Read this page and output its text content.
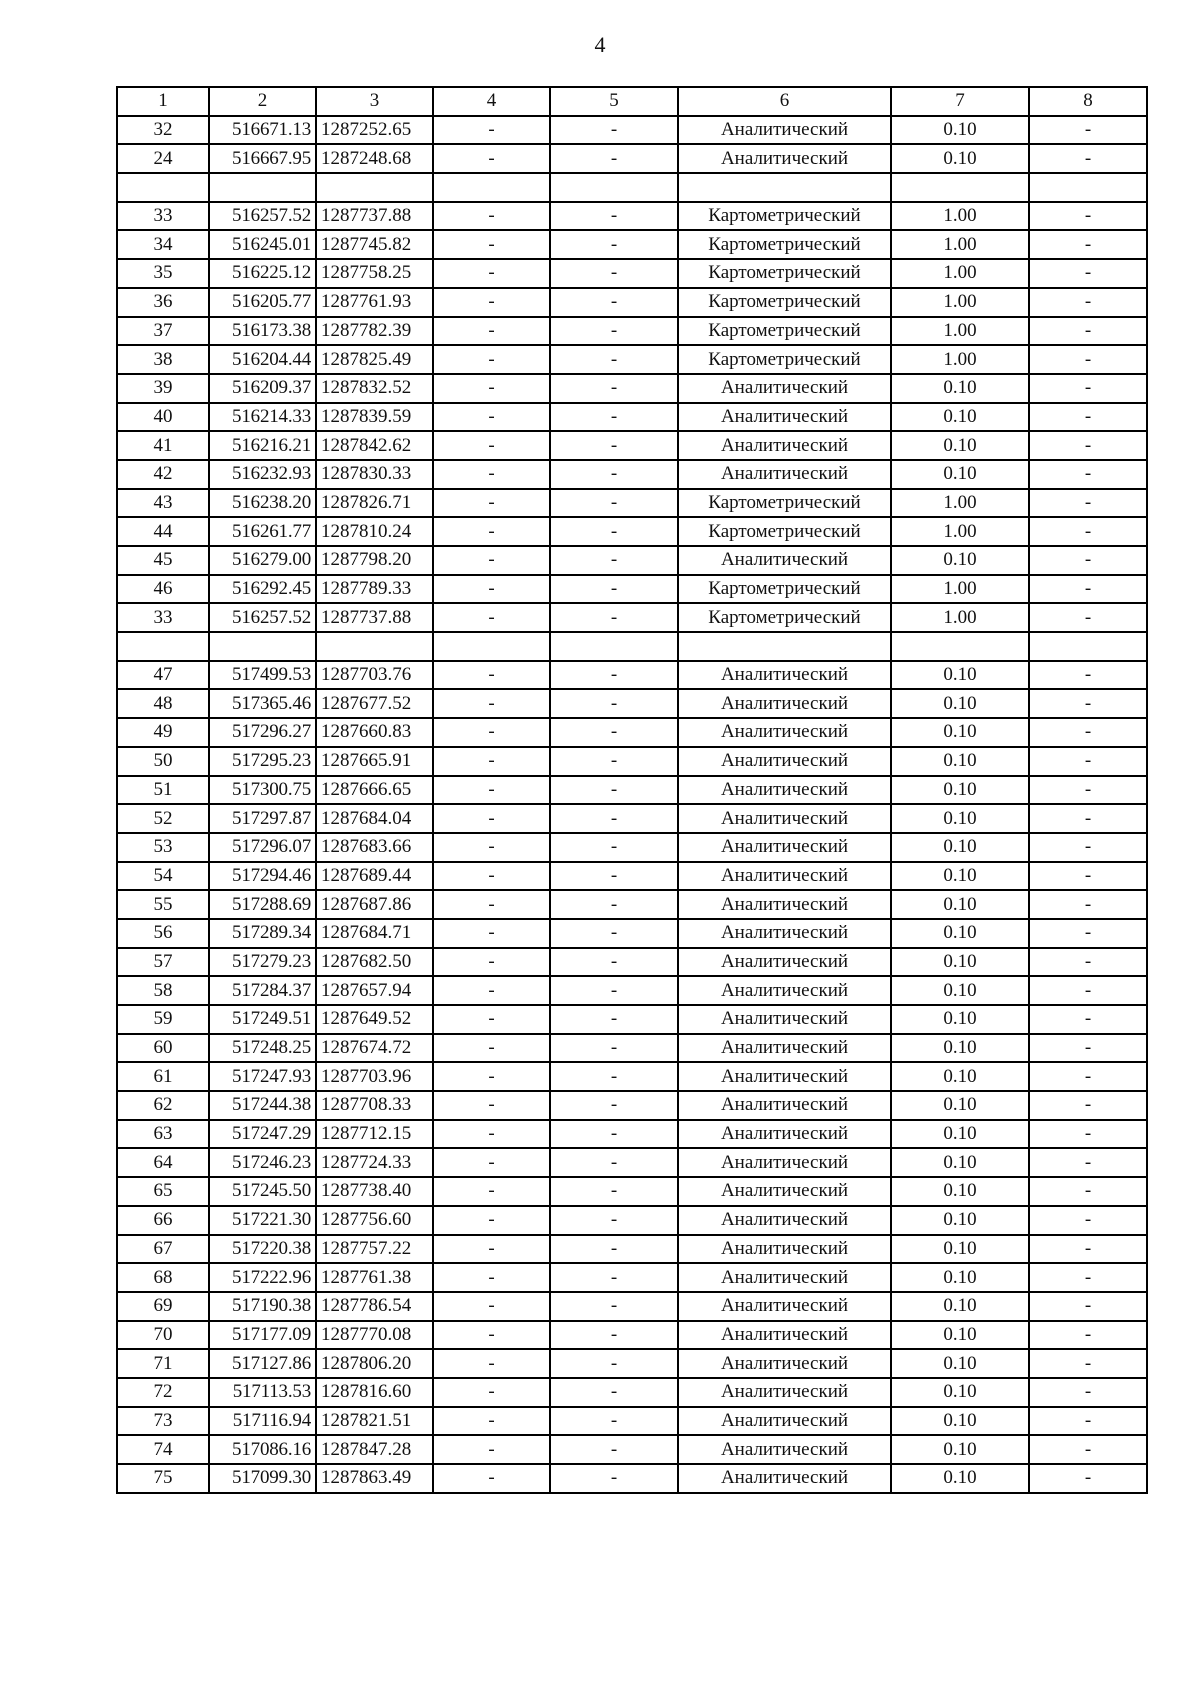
4
1	2	3	4	5	6	7	8
32	516671.13	1287252.65	-	-	Аналитический	0.10	-
24	516667.95	1287248.68	-	-	Аналитический	0.10	-

33	516257.52	1287737.88	-	-	Картометрический	1.00	-
34	516245.01	1287745.82	-	-	Картометрический	1.00	-
35	516225.12	1287758.25	-	-	Картометрический	1.00	-
36	516205.77	1287761.93	-	-	Картометрический	1.00	-
37	516173.38	1287782.39	-	-	Картометрический	1.00	-
38	516204.44	1287825.49	-	-	Картометрический	1.00	-
39	516209.37	1287832.52	-	-	Аналитический	0.10	-
40	516214.33	1287839.59	-	-	Аналитический	0.10	-
41	516216.21	1287842.62	-	-	Аналитический	0.10	-
42	516232.93	1287830.33	-	-	Аналитический	0.10	-
43	516238.20	1287826.71	-	-	Картометрический	1.00	-
44	516261.77	1287810.24	-	-	Картометрический	1.00	-
45	516279.00	1287798.20	-	-	Аналитический	0.10	-
46	516292.45	1287789.33	-	-	Картометрический	1.00	-
33	516257.52	1287737.88	-	-	Картометрический	1.00	-

47	517499.53	1287703.76	-	-	Аналитический	0.10	-
48	517365.46	1287677.52	-	-	Аналитический	0.10	-
49	517296.27	1287660.83	-	-	Аналитический	0.10	-
50	517295.23	1287665.91	-	-	Аналитический	0.10	-
51	517300.75	1287666.65	-	-	Аналитический	0.10	-
52	517297.87	1287684.04	-	-	Аналитический	0.10	-
53	517296.07	1287683.66	-	-	Аналитический	0.10	-
54	517294.46	1287689.44	-	-	Аналитический	0.10	-
55	517288.69	1287687.86	-	-	Аналитический	0.10	-
56	517289.34	1287684.71	-	-	Аналитический	0.10	-
57	517279.23	1287682.50	-	-	Аналитический	0.10	-
58	517284.37	1287657.94	-	-	Аналитический	0.10	-
59	517249.51	1287649.52	-	-	Аналитический	0.10	-
60	517248.25	1287674.72	-	-	Аналитический	0.10	-
61	517247.93	1287703.96	-	-	Аналитический	0.10	-
62	517244.38	1287708.33	-	-	Аналитический	0.10	-
63	517247.29	1287712.15	-	-	Аналитический	0.10	-
64	517246.23	1287724.33	-	-	Аналитический	0.10	-
65	517245.50	1287738.40	-	-	Аналитический	0.10	-
66	517221.30	1287756.60	-	-	Аналитический	0.10	-
67	517220.38	1287757.22	-	-	Аналитический	0.10	-
68	517222.96	1287761.38	-	-	Аналитический	0.10	-
69	517190.38	1287786.54	-	-	Аналитический	0.10	-
70	517177.09	1287770.08	-	-	Аналитический	0.10	-
71	517127.86	1287806.20	-	-	Аналитический	0.10	-
72	517113.53	1287816.60	-	-	Аналитический	0.10	-
73	517116.94	1287821.51	-	-	Аналитический	0.10	-
74	517086.16	1287847.28	-	-	Аналитический	0.10	-
75	517099.30	1287863.49	-	-	Аналитический	0.10	-
